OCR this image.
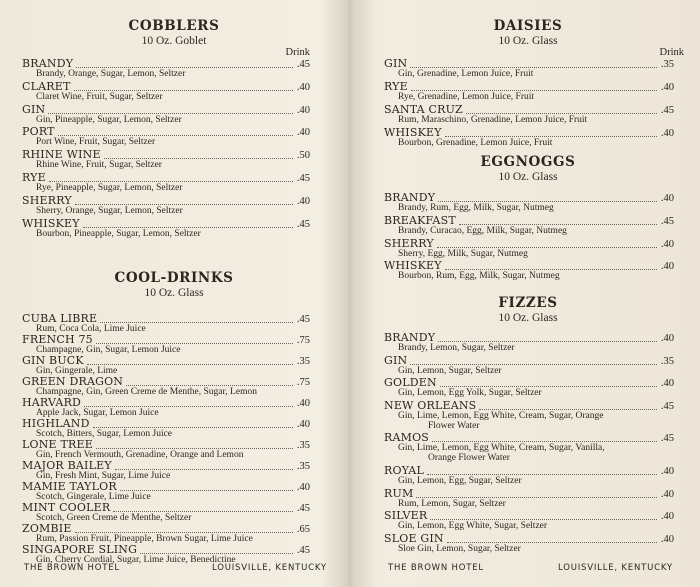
COBBLERS
10 Oz. Goblet
Drink
BRANDY	.45
Brandy, Orange, Sugar, Lemon, Seltzer
CLARET	.40
Claret Wine, Fruit, Sugar, Seltzer
GIN	.40
Gin, Pineapple, Sugar, Lemon, Seltzer
PORT	.40
Port Wine, Fruit, Sugar, Seltzer
RHINE WINE	.50
Rhine Wine, Fruit, Sugar, Seltzer
RYE	.45
Rye, Pineapple, Sugar, Lemon, Seltzer
SHERRY	.40
Sherry, Orange, Sugar, Lemon, Seltzer
WHISKEY	.45
Bourbon, Pineapple, Sugar, Lemon, Seltzer
COOL-DRINKS
10 Oz. Glass
CUBA LIBRE	.45
Rum, Coca Cola, Lime Juice
FRENCH 75	.75
Champagne, Gin, Sugar, Lemon Juice
GIN BUCK	.35
Gin, Gingerale, Lime
GREEN DRAGON	.75
Champagne, Gin, Green Creme de Menthe, Sugar, Lemon
HARVARD	.40
Apple Jack, Sugar, Lemon Juice
HIGHLAND	.40
Scotch, Bitters, Sugar, Lemon Juice
LONE TREE	.35
Gin, French Vermouth, Grenadine, Orange and Lemon
MAJOR BAILEY	.35
Gin, Fresh Mint, Sugar, Lime Juice
MAMIE TAYLOR	.40
Scotch, Gingerale, Lime Juice
MINT COOLER	.45
Scotch, Green Creme de Menthe, Seltzer
ZOMBIE	.65
Rum, Passion Fruit, Pineapple, Brown Sugar, Lime Juice
SINGAPORE SLING	.45
Gin, Cherry Cordial, Sugar, Lime Juice, Benedictine
THE BROWN HOTEL	LOUISVILLE, KENTUCKY
DAISIES
10 Oz. Glass
Drink
GIN	.35
Gin, Grenadine, Lemon Juice, Fruit
RYE	.40
Rye, Grenadine, Lemon Juice, Fruit
SANTA CRUZ	.45
Rum, Maraschino, Grenadine, Lemon Juice, Fruit
WHISKEY	.40
Bourbon, Grenadine, Lemon Juice, Fruit
EGGNOGGS
10 Oz. Glass
BRANDY	.40
Brandy, Rum, Egg, Milk, Sugar, Nutmeg
BREAKFAST	.45
Brandy, Curacao, Egg, Milk, Sugar, Nutmeg
SHERRY	.40
Sherry, Egg, Milk, Sugar, Nutmeg
WHISKEY	.40
Bourbon, Rum, Egg, Milk, Sugar, Nutmeg
FIZZES
10 Oz. Glass
BRANDY	.40
Brandy, Lemon, Sugar, Seltzer
GIN	.35
Gin, Lemon, Sugar, Seltzer
GOLDEN	.40
Gin, Lemon, Egg Yolk, Sugar, Seltzer
NEW ORLEANS	.45
Gin, Lime, Lemon, Egg White, Cream, Sugar, Orange
Flower Water
RAMOS	.45
Gin, Lime, Lemon, Egg White, Cream, Sugar, Vanilla,
Orange Flower Water
ROYAL	.40
Gin, Lemon, Egg, Sugar, Seltzer
RUM	.40
Rum, Lemon, Sugar, Seltzer
SILVER	.40
Gin, Lemon, Egg White, Sugar, Seltzer
SLOE GIN	.40
Sloe Gin, Lemon, Sugar, Seltzer
THE BROWN HOTEL	LOUISVILLE, KENTUCKY
